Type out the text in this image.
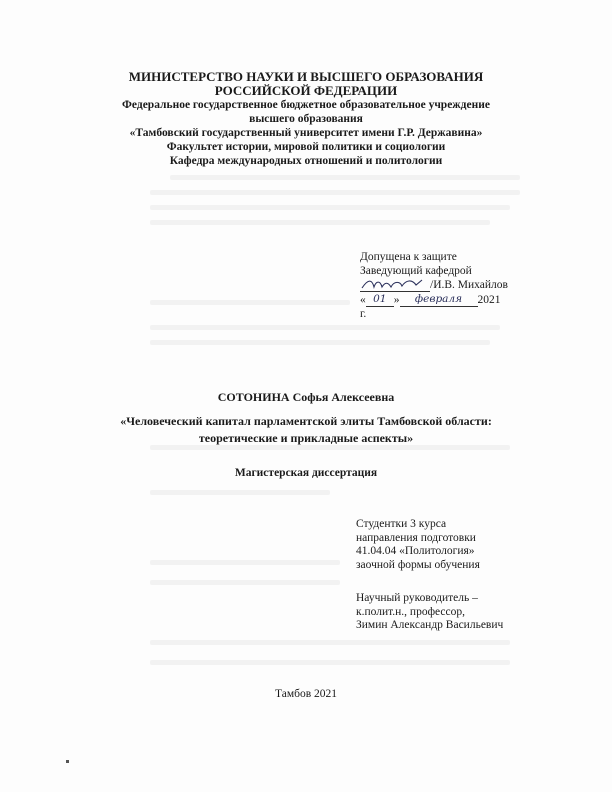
МИНИСТЕРСТВО НАУКИ И ВЫСШЕГО ОБРАЗОВАНИЯ
РОССИЙСКОЙ ФЕДЕРАЦИИ
Федеральное государственное бюджетное образовательное учреждение
высшего образования
«Тамбовский государственный университет имени Г.Р. Державина»
Факультет истории, мировой политики и социологии
Кафедра международных отношений и политологии
Допущена к защите
Заведующий кафедрой
/И.В. Михайлов
« 01 »	февраля	2021
г.
СОТОНИНА Софья Алексеевна
«Человеческий капитал парламентской элиты Тамбовской области:
теоретические и прикладные аспекты»
Магистерская диссертация
Студентки 3 курса
направления подготовки
41.04.04 «Политология»
заочной формы обучения
Научный руководитель –
к.полит.н., профессор,
Зимин Александр Васильевич
Тамбов 2021
